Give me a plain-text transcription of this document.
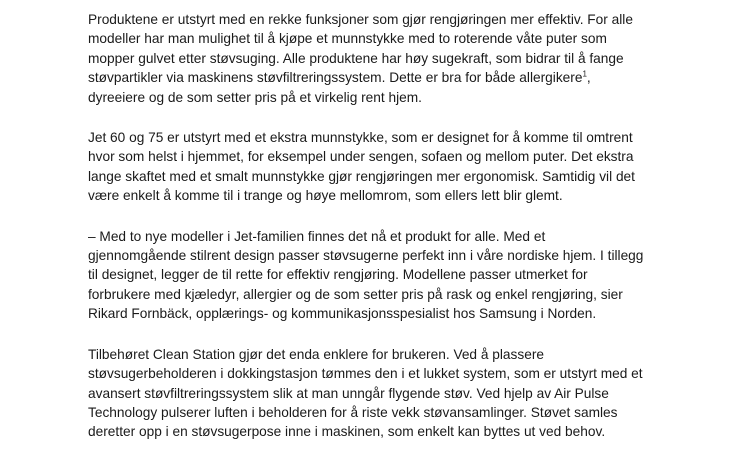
Produktene er utstyrt med en rekke funksjoner som gjør rengjøringen mer effektiv. For alle
modeller har man mulighet til å kjøpe et munnstykke med to roterende våte puter som
mopper gulvet etter støvsuging. Alle produktene har høy sugekraft, som bidrar til å fange
støvpartikler via maskinens støvfiltreringssystem. Dette er bra for både allergikere$^1$,
dyreeiere og de som setter pris på et virkelig rent hjem.

Jet 60 og 75 er utstyrt med et ekstra munnstykke, som er designet for å komme til omtrent
hvor som helst i hjemmet, for eksempel under sengen, sofaen og mellom puter. Det ekstra
lange skaftet med et smalt munnstykke gjør rengjøringen mer ergonomisk. Samtidig vil det
være enkelt å komme til i trange og høye mellomrom, som ellers lett blir glemt.

– Med to nye modeller i Jet-familien finnes det nå et produkt for alle. Med et
gjennomgående stilrent design passer støvsugerne perfekt inn i våre nordiske hjem. I tillegg
til designet, legger de til rette for effektiv rengjøring. Modellene passer utmerket for
forbrukere med kjæledyr, allergier og de som setter pris på rask og enkel rengjøring, sier
Rikard Fornbäck, opplærings- og kommunikasjonsspesialist hos Samsung i Norden.

Tilbehøret Clean Station gjør det enda enklere for brukeren. Ved å plassere
støvsugerbeholderen i dokkingstasjon tømmes den i et lukket system, som er utstyrt med et
avansert støvfiltreringssystem slik at man unngår flygende støv. Ved hjelp av Air Pulse
Technology pulserer luften i beholderen for å riste vekk støvansamlinger. Støvet samles
deretter opp i en støvsugerpose inne i maskinen, som enkelt kan byttes ut ved behov.
